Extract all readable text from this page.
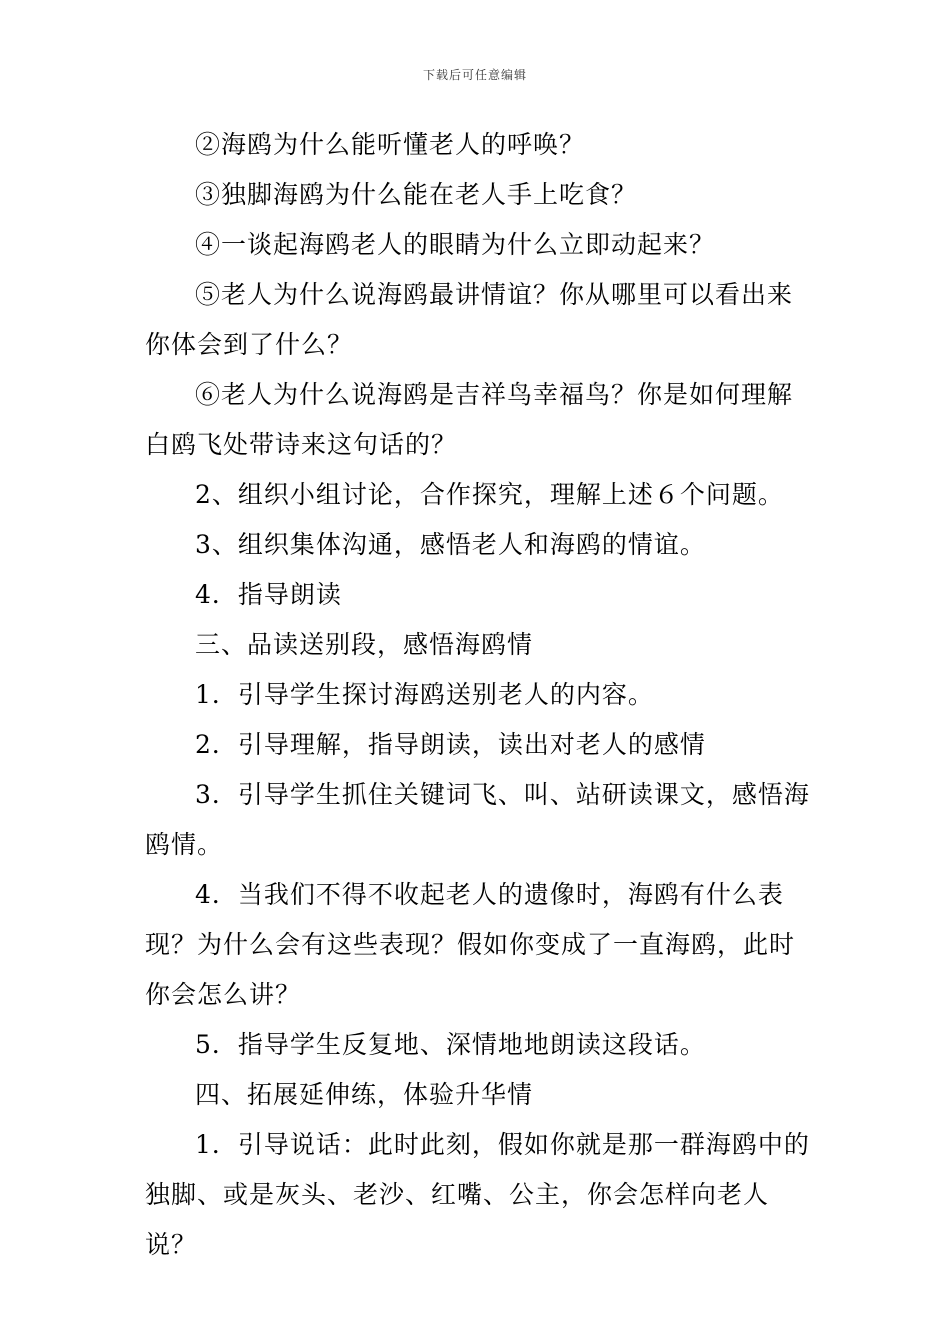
下载后可任意编辑

②海鸥为什么能听懂老人的呼唤？

③独脚海鸥为什么能在老人手上吃食？

④一谈起海鸥老人的眼睛为什么立即动起来？

⑤老人为什么说海鸥最讲情谊？你从哪里可以看出来你体会到了什么？

⑥老人为什么说海鸥是吉祥鸟幸福鸟？你是如何理解白鸥飞处带诗来这句话的？

2、组织小组讨论，合作探究，理解上述６个问题。

3、组织集体沟通，感悟老人和海鸥的情谊。

4．指导朗读

三、品读送别段，感悟海鸥情

1．引导学生探讨海鸥送别老人的内容。

2．引导理解，指导朗读，读出对老人的感情

3．引导学生抓住关键词飞、叫、站研读课文，感悟海鸥情。

4．当我们不得不收起老人的遗像时，海鸥有什么表现？为什么会有这些表现？假如你变成了一直海鸥，此时你会怎么讲？

5．指导学生反复地、深情地地朗读这段话。

四、拓展延伸练，体验升华情

1．引导说话：此时此刻，假如你就是那一群海鸥中的独脚、或是灰头、老沙、红嘴、公主，你会怎样向老人说？
